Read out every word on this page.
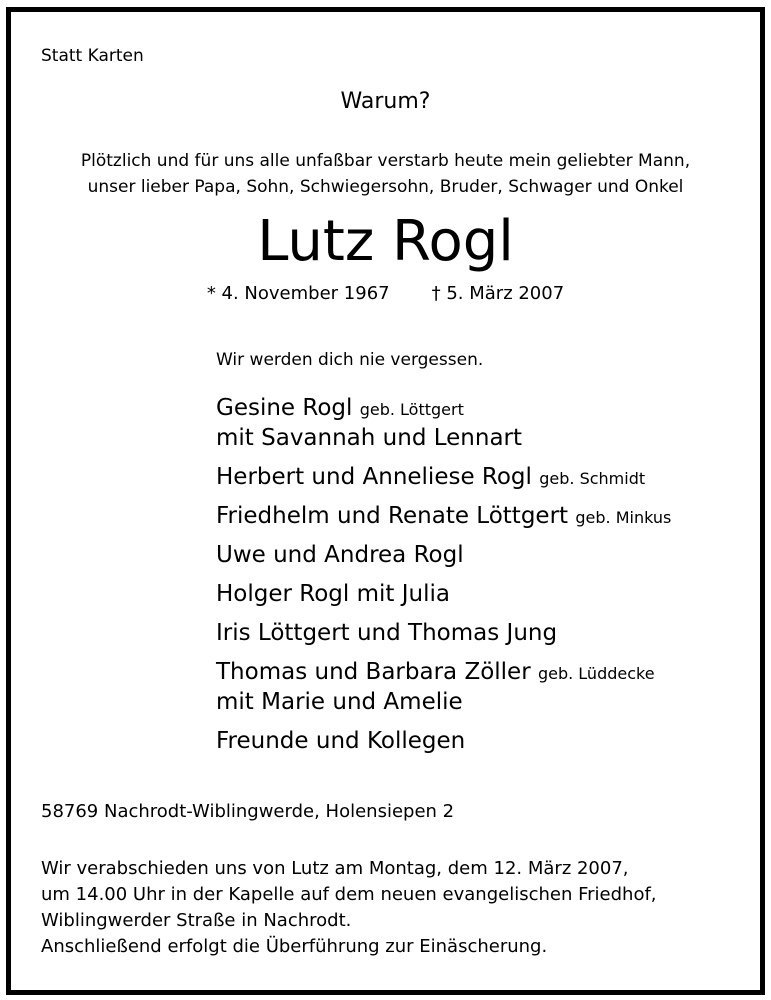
Statt Karten
Warum?
Plötzlich und für uns alle unfaßbar verstarb heute mein geliebter Mann,
unser lieber Papa, Sohn, Schwiegersohn, Bruder, Schwager und Onkel
Lutz Rogl
* 4. November 1967 † 5. März 2007
Wir werden dich nie vergessen.
Gesine Rogl geb. Löttgert
mit Savannah und Lennart
Herbert und Anneliese Rogl geb. Schmidt
Friedhelm und Renate Löttgert geb. Minkus
Uwe und Andrea Rogl
Holger Rogl mit Julia
Iris Löttgert und Thomas Jung
Thomas und Barbara Zöller geb. Lüddecke
mit Marie und Amelie
Freunde und Kollegen
58769 Nachrodt-Wiblingwerde, Holensiepen 2
Wir verabschieden uns von Lutz am Montag, dem 12. März 2007,
um 14.00 Uhr in der Kapelle auf dem neuen evangelischen Friedhof,
Wiblingwerder Straße in Nachrodt.
Anschließend erfolgt die Überführung zur Einäscherung.
